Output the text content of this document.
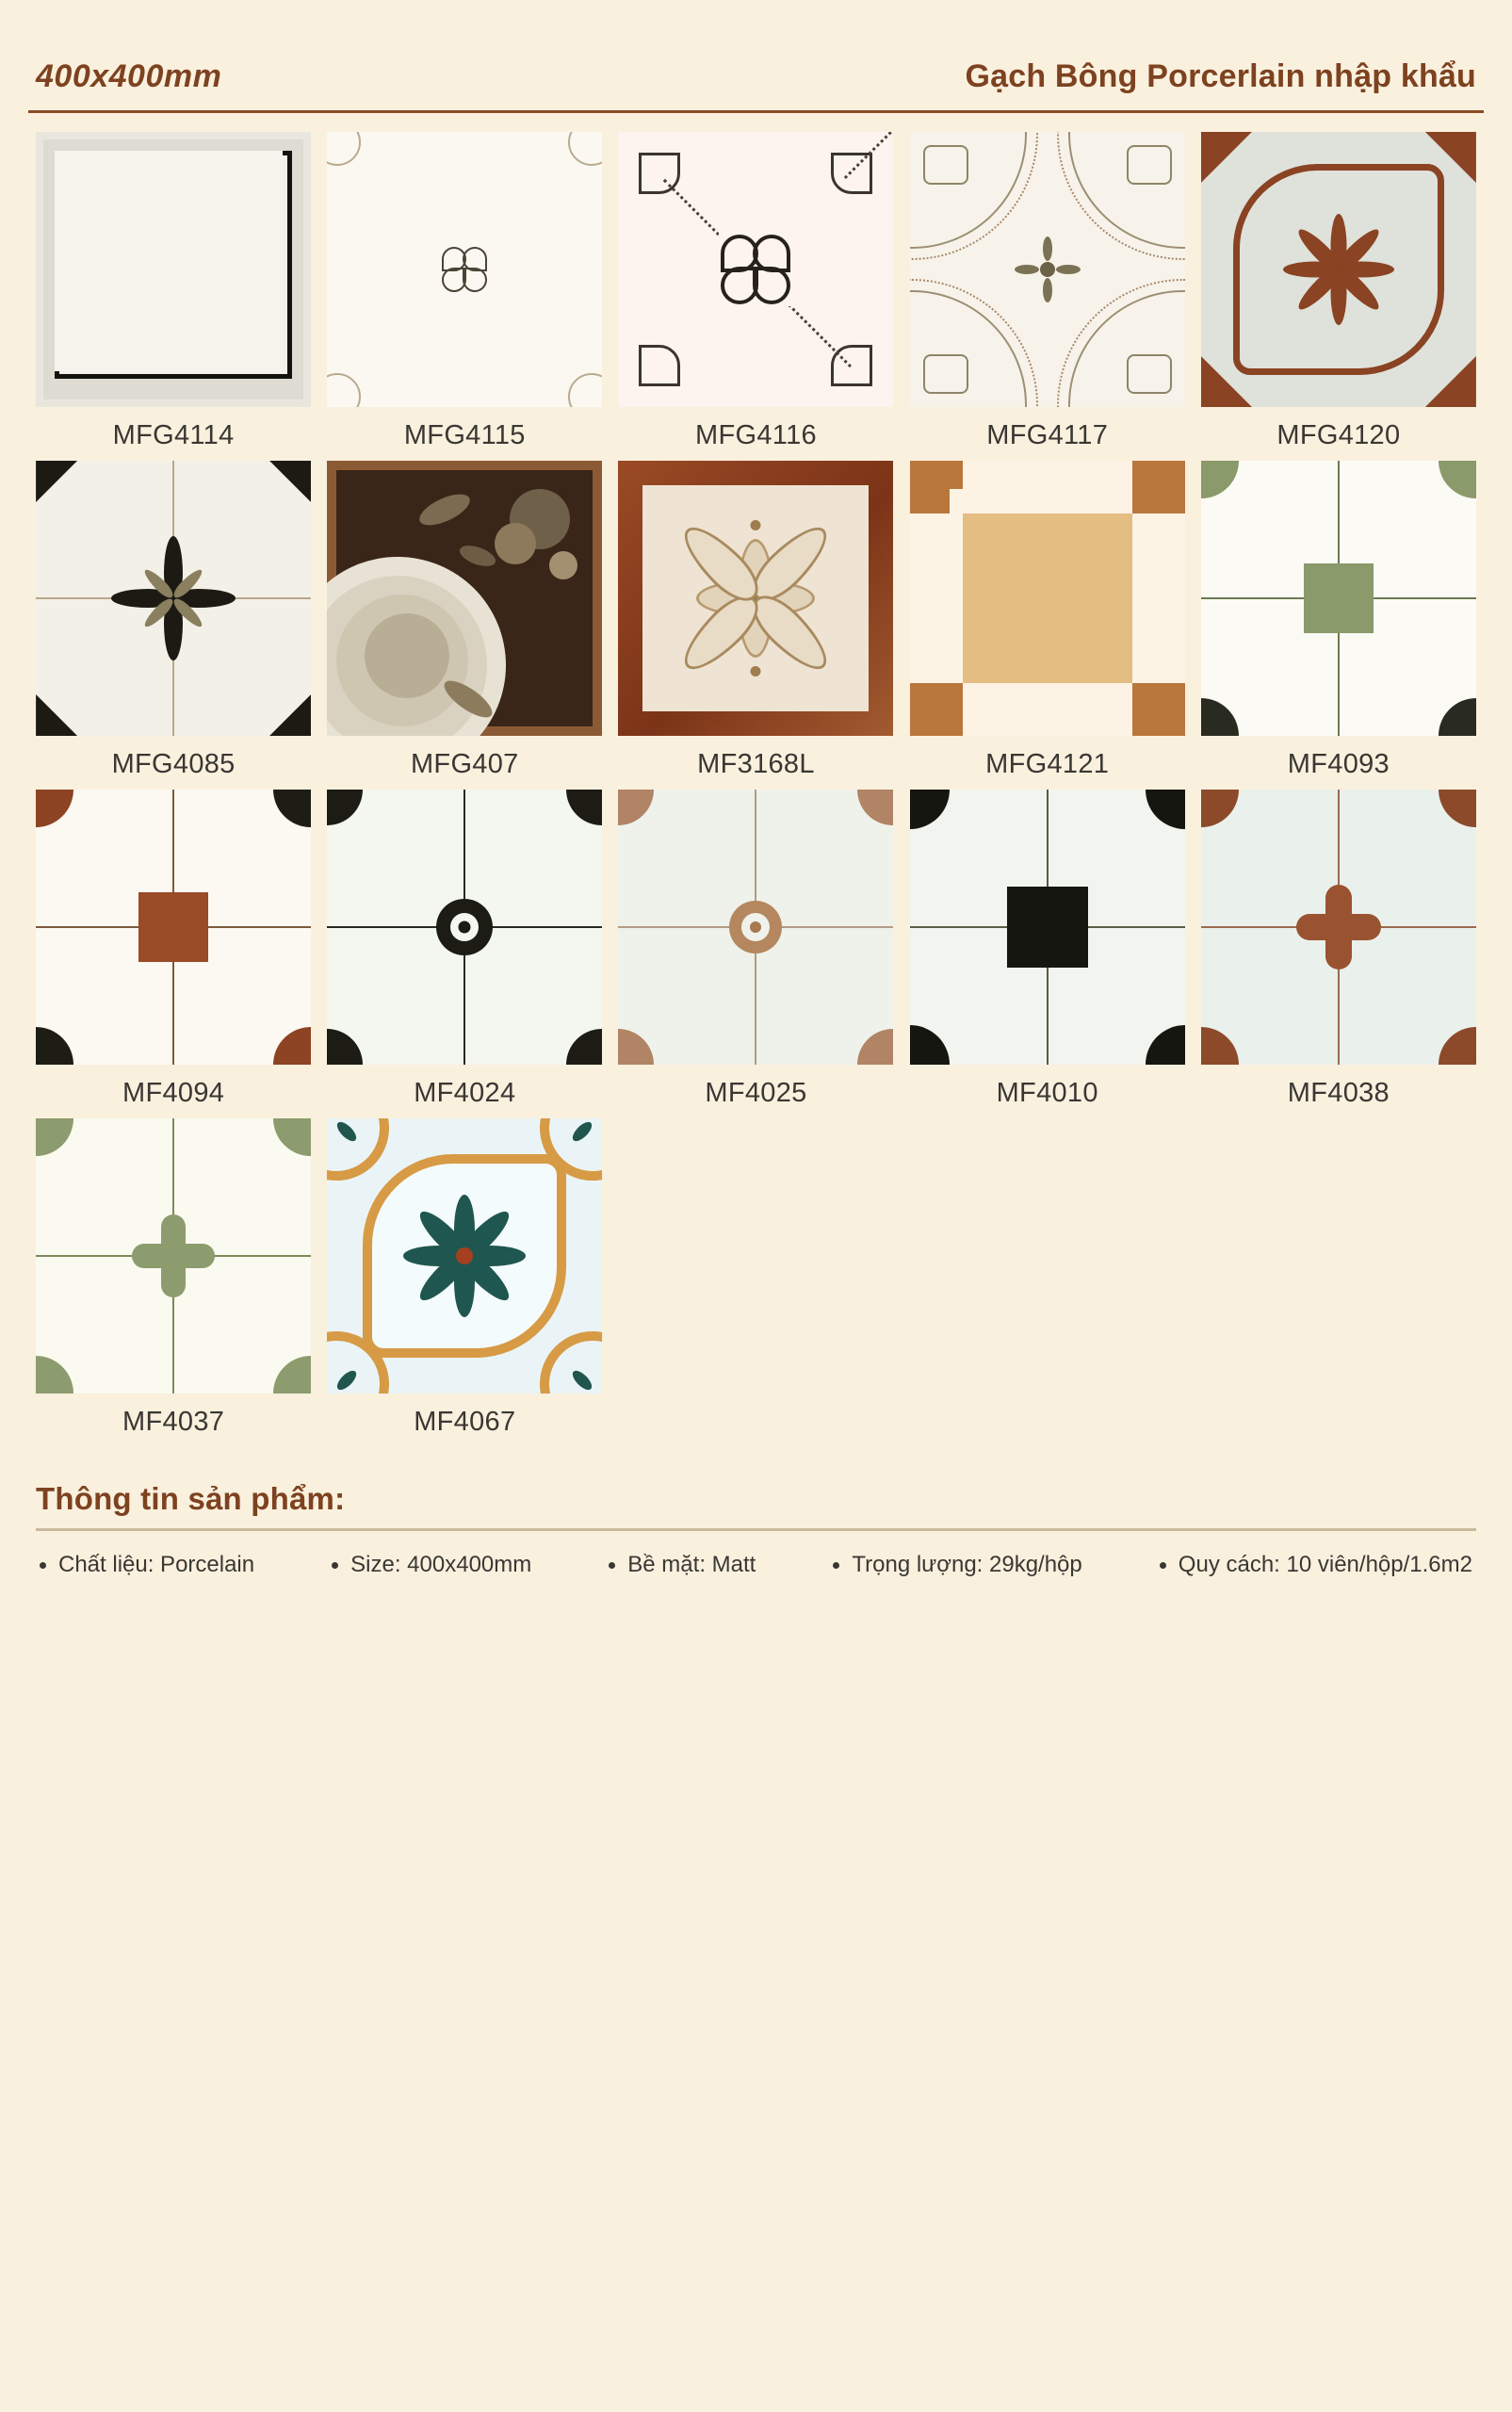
400x400mm	Gạch Bông Porcerlain nhập khẩu
MFG4114	MFG4115	MFG4116	MFG4117	MFG4120
MFG4085	MFG407	MF3168L	MFG4121	MF4093
MF4094	MF4024	MF4025	MF4010	MF4038
MF4037	MF4067
Thông tin sản phẩm:
Chất liệu: Porcelain	Size: 400x400mm	Bề mặt: Matt	Trọng lượng: 29kg/hộp	Quy cách: 10 viên/hộp/1.6m2
